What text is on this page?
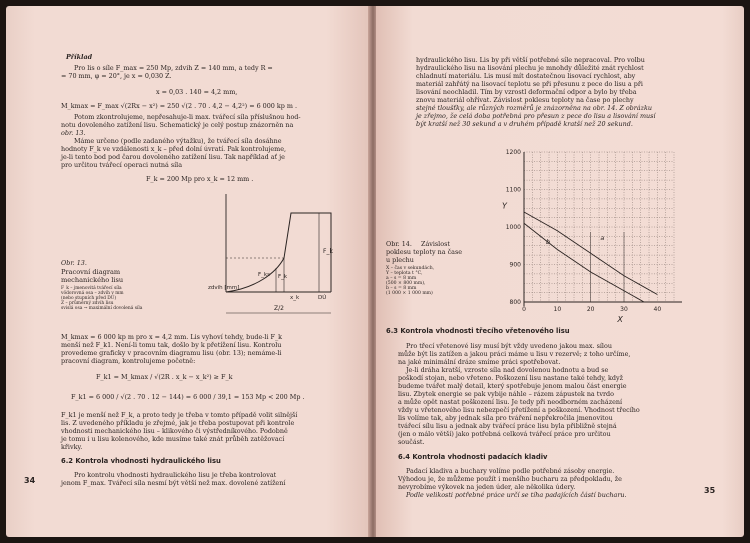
Příklad
Pro lis o síle F_max = 250 Mp, zdvih Z = 140 mm, a tedy R =
= 70 mm, φ = 20°, je x = 0,030 Z.
x = 0,03 . 140 = 4,2 mm,
M_kmax = F_max √(2Rx − x²) = 250 √(2 . 70 . 4,2 − 4,2²) = 6 000 kp m .
Potom zkontrolujeme, nepřesahuje-li max. tvářecí síla příslušnou hod-
notu dovoleného zatížení lisu. Schematický je celý postup znázorněn na
obr. 13.
Máme určeno (podle zadaného výtažku), že tvářecí síla dosáhne
hodnoty F_k ve vzdálenosti x_k – před dolní úvratí. Pak kontrolujeme,
je-li tento bod pod čarou dovoleného zatížení lisu. Tak například ať je
pro určitou tvářecí operaci nutná síla
F_k = 200 Mp pro x_k = 12 mm .
F_k
F_ks F_k
zdvih [mm]
x_k	DÚ
Z/2
Obr. 13.
Pracovní diagram
mechanického lisu
F_k – jmenovitá tvářecí síla
vodorovná osa – zdvih v mm
(nebo stupních před DÚ)
Z – průměrný zdvih lisu
svislá osa → maximální dovolená síla
M_kmax = 6 000 kp m pro x = 4,2 mm. Lis vyhoví tehdy, bude-li F_k
menší než F_k1. Není-li tomu tak, došlo by k přetížení lisu. Kontrolu
provedeme graficky v pracovním diagramu lisu (obr. 13); nemáme-li
pracovní diagram, kontrolujeme početně:
F_k1 = M_kmax / √(2R . x_k − x_k²) ≥ F_k
F_k1 = 6 000 / √(2 . 70 . 12 − 144) = 6 000 / 39,1 = 153 Mp < 200 Mp .
F_k1 je menší než F_k, a proto tedy je třeba v tomto případě volit silnější
lis. Z uvedeného příkladu je zřejmé, jak je třeba postupovat při kontrole
vhodnosti mechanického lisu – klikového či výstředníkového. Podobně
je tomu i u lisu kolenového, kde musíme také znát průběh zatěžovací
křivky.
6.2 Kontrola vhodnosti hydraulického lisu
Pro kontrolu vhodnosti hydraulického lisu je třeba kontrolovat
jenom F_max. Tvářecí síla nesmí být větší než max. dovolené zatížení
34
hydraulického lisu. Lis by při větší potřebné síle nepracoval. Pro volbu
hydraulického lisu na lisování plechu je mnohdy důležité znát rychlost
chladnutí materiálu. Lis musí mít dostatečnou lisovací rychlost, aby
materiál zahřátý na lisovací teplotu se při přesunu z pece do lisu a při
lisování neochladil. Tím by vzrostl deformační odpor a bylo by třeba
znovu materiál ohřívat. Závislost poklesu teploty na čase po plechy
stejné tloušťky, ale různých rozměrů je znázorněna na obr. 14. Z obrázku
je zřejmo, že celá doba potřebná pro přesun z pece do lisu a lisování musí
být kratší než 30 sekund a v druhém případě kratší než 20 sekund.
800
900
1000
1100
1200
0	10	20	30	40
a
b
Y
X
Obr. 14. Závislost
poklesu teploty na čase
u plechu
X – čas v sekundách,
Y – teplota t °C,
a – s = 8 mm
(500 × 800 mm),
b – s = 8 mm
(1 000 × 1 000 mm)
6.3 Kontrola vhodnosti třecího vřetenového lisu
Pro třecí vřetenové lisy musí být vždy uvedeno jakou max. sílou
může být lis zatížen a jakou práci máme u lisu v rezervě; z toho určíme,
na jaké minimální dráze smíme práci spotřebovat.
Je-li dráha kratší, vzroste síla nad dovolenou hodnotu a bud se
poškodí stojan, nebo vřeteno. Poškození lisu nastane také tehdy, když
budeme tvářet malý detail, který spotřebuje jenom malou část energie
lisu. Zbytek energie se pak vybije náhle – rázem zápustek na tvrdo
a může opět nastat poškození lisu. Je tedy při neodborném zacházení
vždy u vřetenového lisu nebezpečí přetížení a poškození. Vhodnost třecího
lis volíme tak, aby jednak síla pro tváření nepřekročila jmenovitou
tvářecí sílu lisu a jednak aby tvářecí práce lisu byla přibližně stejná
(jen o málo větší) jako potřebná celková tvářecí práce pro určitou
součást.
6.4 Kontrola vhodnosti padacích kladiv
Padací kladiva a buchary volíme podle potřebné zásoby energie.
Výhodou je, že můžeme použít i menšího bucharu za předpokladu, že
nevyrobíme výkovek na jeden úder, ale několika údery.
Podle velikosti potřebné práce určí se tíha padajících částí bucharu.	35
